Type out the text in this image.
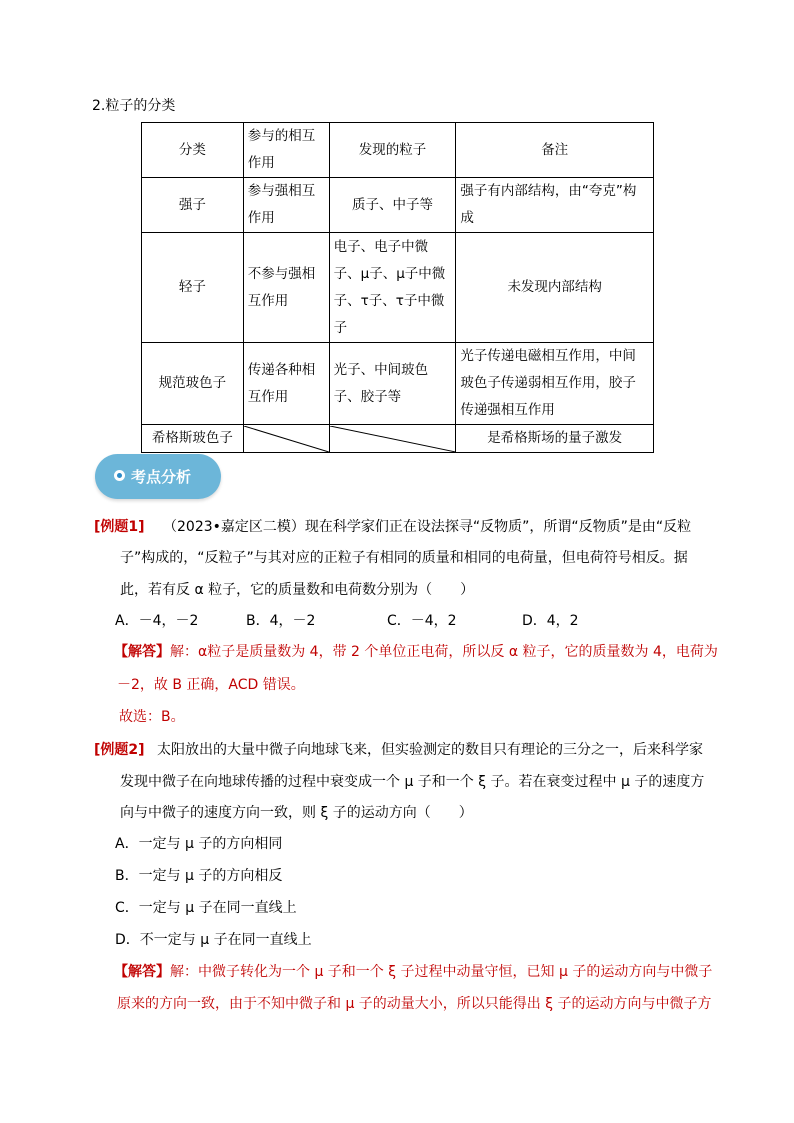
2.粒子的分类
分类	参与的相互作用	发现的粒子	备注
强子	参与强相互作用	质子、中子等	强子有内部结构，由“夸克”构成
轻子	不参与强相互作用	电子、电子中微子、μ子、μ子中微子、τ子、τ子中微子	未发现内部结构
规范玻色子	传递各种相互作用	光子、中间玻色子、胶子等	光子传递电磁相互作用，中间玻色子传递弱相互作用，胶子传递强相互作用
希格斯玻色子			是希格斯场的量子激发
考点分析
[例题1] （2023•嘉定区二模）现在科学家们正在设法探寻“反物质”，所谓“反物质”是由“反粒
子”构成的，“反粒子”与其对应的正粒子有相同的质量和相同的电荷量，但电荷符号相反。据
此，若有反 α 粒子，它的质量数和电荷数分别为（　　）
A．－4，－2	B．4，－2	C．－4，2	D．4，2
【解答】解：α粒子是质量数为 4，带 2 个单位正电荷，所以反 α 粒子，它的质量数为 4，电荷为
－2，故 B 正确，ACD 错误。
故选：B。
[例题2] 太阳放出的大量中微子向地球飞来，但实验测定的数目只有理论的三分之一，后来科学家
发现中微子在向地球传播的过程中衰变成一个 μ 子和一个 ξ 子。若在衰变过程中 μ 子的速度方
向与中微子的速度方向一致，则 ξ 子的运动方向（　　）
A．一定与 μ 子的方向相同
B．一定与 μ 子的方向相反
C．一定与 μ 子在同一直线上
D．不一定与 μ 子在同一直线上
【解答】解：中微子转化为一个 μ 子和一个 ξ 子过程中动量守恒，已知 μ 子的运动方向与中微子
原来的方向一致，由于不知中微子和 μ 子的动量大小，所以只能得出 ξ 子的运动方向与中微子方
